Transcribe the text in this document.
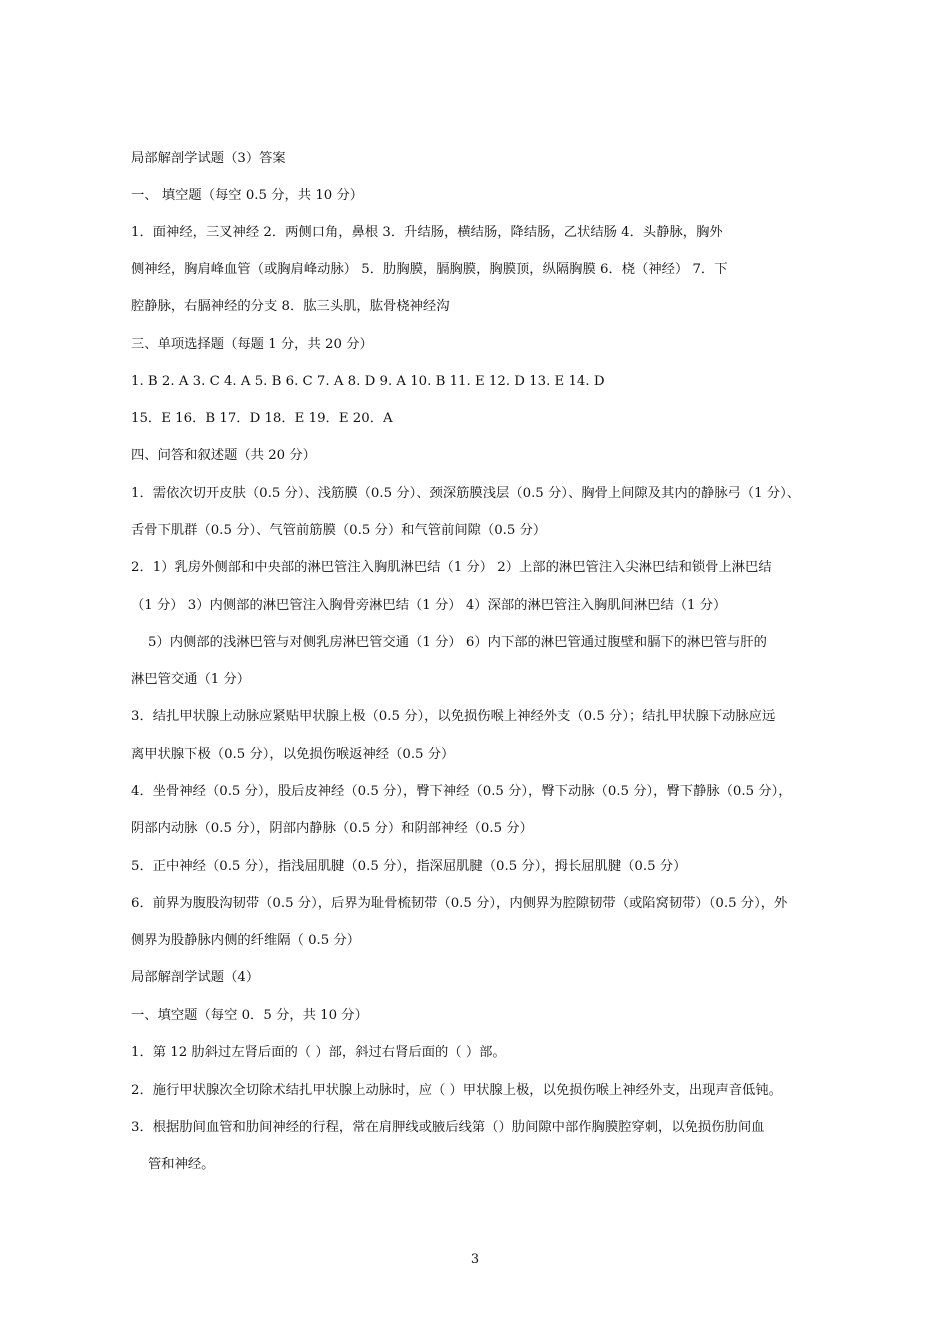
局部解剖学试题（3）答案
一、 填空题（每空 0.5 分，共 10 分）
1．面神经，三叉神经 2．两侧口角，鼻根 3．升结肠，横结肠，降结肠，乙状结肠 4．头静脉，胸外
侧神经，胸肩峰血管（或胸肩峰动脉） 5．肋胸膜，膈胸膜，胸膜顶，纵隔胸膜 6．桡（神经） 7．下
腔静脉，右膈神经的分支 8．肱三头肌，肱骨桡神经沟
三、单项选择题（每题 1 分，共 20 分）
1. B 2. A 3. C 4. A 5. B 6. C 7. A 8. D 9. A 10. B 11. E 12. D 13. E 14. D
15．E 16．B 17．D 18．E 19．E 20．A
四、问答和叙述题（共 20 分）
1．需依次切开皮肤（0.5 分）、浅筋膜（0.5 分）、颈深筋膜浅层（0.5 分）、胸骨上间隙及其内的静脉弓（1 分）、
舌骨下肌群（0.5 分）、气管前筋膜（0.5 分）和气管前间隙（0.5 分）
2．1）乳房外侧部和中央部的淋巴管注入胸肌淋巴结（1 分） 2）上部的淋巴管注入尖淋巴结和锁骨上淋巴结
（1 分） 3）内侧部的淋巴管注入胸骨旁淋巴结（1 分） 4）深部的淋巴管注入胸肌间淋巴结（1 分）
5）内侧部的浅淋巴管与对侧乳房淋巴管交通（1 分） 6）内下部的淋巴管通过腹壁和膈下的淋巴管与肝的
淋巴管交通（1 分）
3．结扎甲状腺上动脉应紧贴甲状腺上极（0.5 分），以免损伤喉上神经外支（0.5 分）；结扎甲状腺下动脉应远
离甲状腺下极（0.5 分），以免损伤喉返神经（0.5 分）
4．坐骨神经（0.5 分），股后皮神经（0.5 分），臀下神经（0.5 分），臀下动脉（0.5 分），臀下静脉（0.5 分），
阴部内动脉（0.5 分），阴部内静脉（0.5 分）和阴部神经（0.5 分）
5．正中神经（0.5 分），指浅屈肌腱（0.5 分），指深屈肌腱（0.5 分），拇长屈肌腱（0.5 分）
6．前界为腹股沟韧带（0.5 分），后界为耻骨梳韧带（0.5 分），内侧界为腔隙韧带（或陷窝韧带）（0.5 分），外
侧界为股静脉内侧的纤维隔（ 0.5 分）
局部解剖学试题（4）
一、填空题（每空 0．5 分，共 10 分）
1．第 12 肋斜过左肾后面的（ ）部，斜过右肾后面的（ ）部。
2．施行甲状腺次全切除术结扎甲状腺上动脉时，应（ ）甲状腺上极，以免损伤喉上神经外支，出现声音低钝。
3．根据肋间血管和肋间神经的行程，常在肩胛线或腋后线第（）肋间隙中部作胸膜腔穿刺，以免损伤肋间血
管和神经。
3
